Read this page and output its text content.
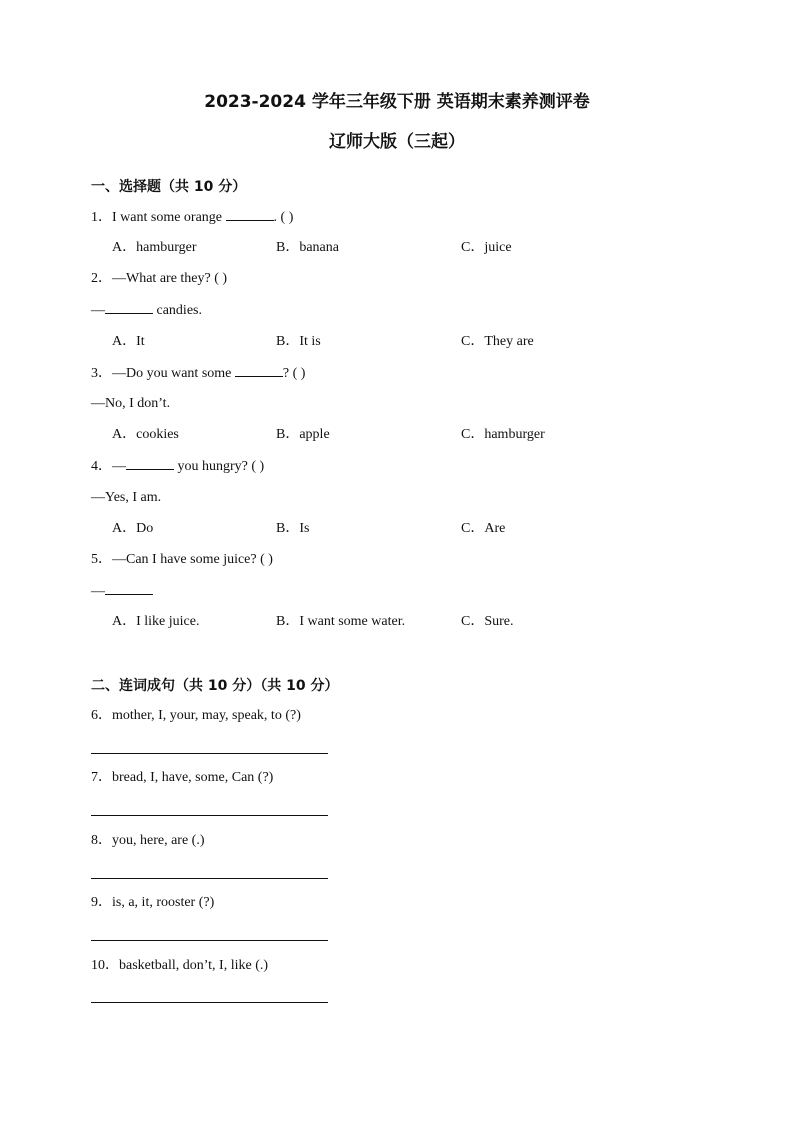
2023-2024 学年三年级下册 英语期末素养测评卷
辽师大版（三起）
一、选择题（共 10 分）
1．I want some orange	. ( )
A．hamburger	B．banana	C．juice
2．—What are they? ( )
—	candies.
A．It	B．It is	C．They are
3．—Do you want some	? ( )
—No, I don’t.
A．cookies	B．apple	C．hamburger
4．—	you hungry? ( )
—Yes, I am.
A．Do	B．Is	C．Are
5．—Can I have some juice? ( )
—
A．I like juice.	B．I want some water.	C．Sure.
二、连词成句（共 10 分）（共 10 分）
6．mother, I, your, may, speak, to (?)
7．bread, I, have, some, Can (?)
8．you, here, are (.)
9．is, a, it, rooster (?)
10．basketball, don’t, I, like (.)
